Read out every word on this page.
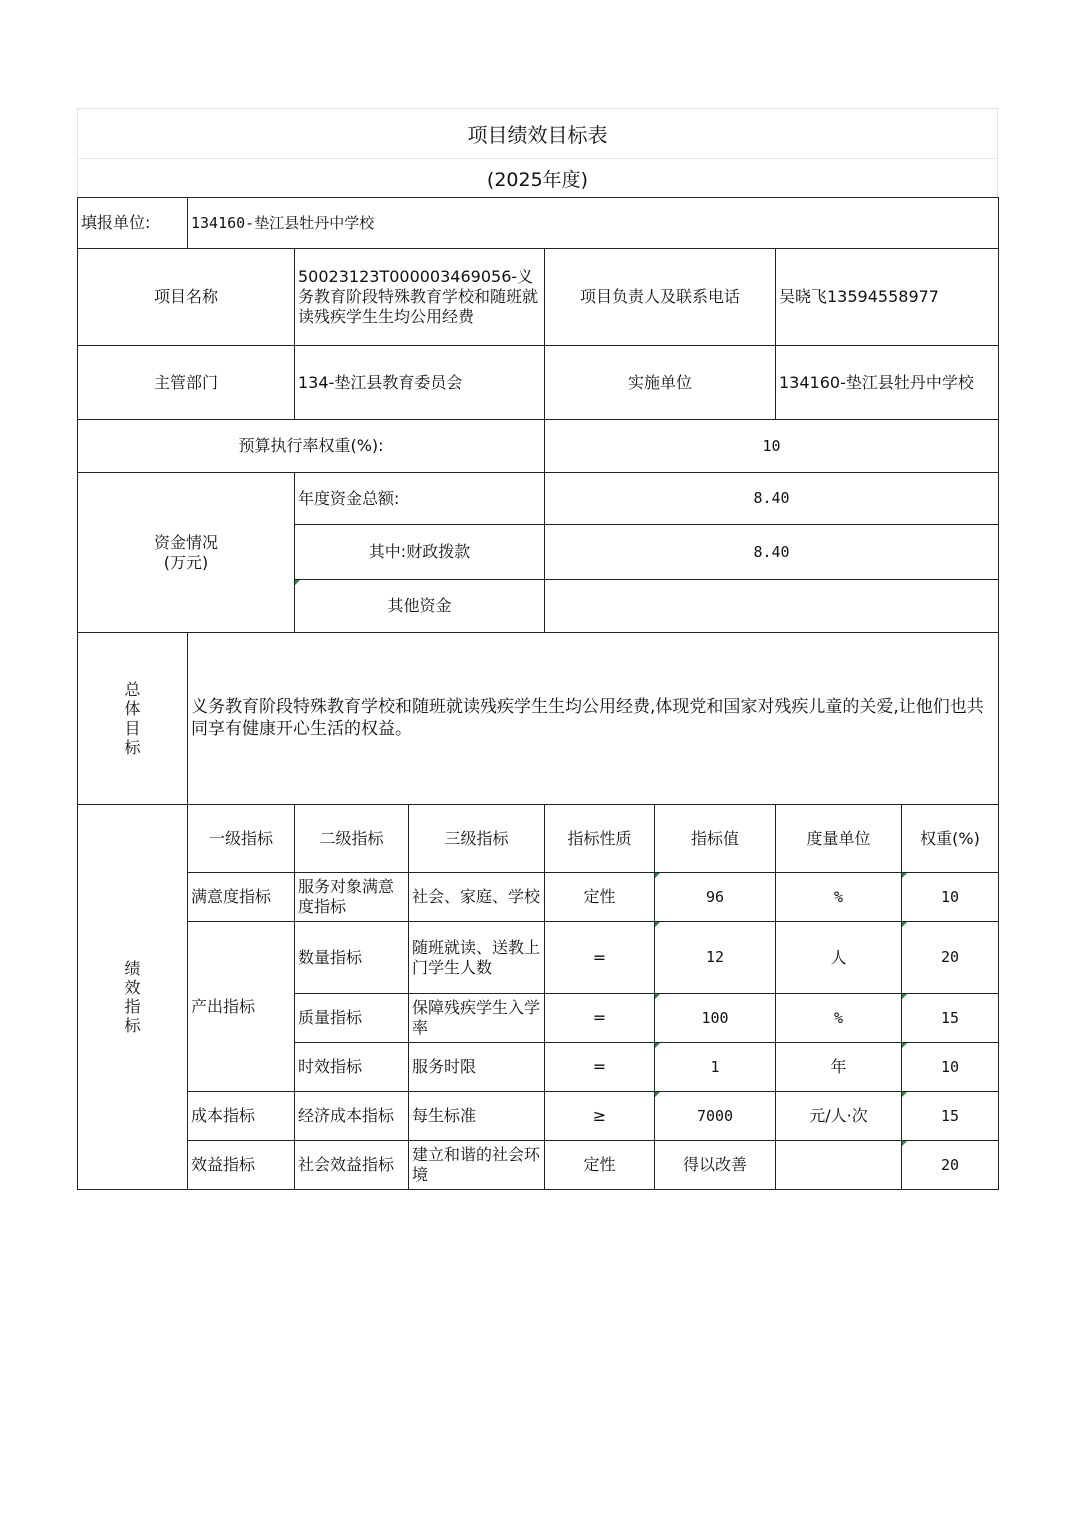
项目绩效目标表
(2025年度)
填报单位:	134160-垫江县牡丹中学校						
项目名称		50023123T000003469056-义务教育阶段特殊教育学校和随班就读残疾学生生均公用经费		项目负责人及联系电话		吴晓飞13594558977	
主管部门		134-垫江县教育委员会		实施单位		134160-垫江县牡丹中学校	
预算执行率权重(%):				10			
资金情况
(万元)		年度资金总额:		8.40			
		其中:财政拨款		8.40			
		其他资金					

总
体
目
标	义务教育阶段特殊教育学校和随班就读残疾学生生均公用经费,体现党和国家对残疾儿童的关爱,让他们也共同享有健康开心生活的权益。						

绩
效
指
标	一级指标	二级指标	三级指标	指标性质	指标值	度量单位	权重(%)
	满意度指标	服务对象满意度指标	社会、家庭、学校	定性	96	%	10
	产出指标	数量指标	随班就读、送教上门学生人数	=	12	人	20
		质量指标	保障残疾学生入学率	=	100	%	15
		时效指标	服务时限	=	1	年	10
	成本指标	经济成本指标	每生标准	≥	7000	元/人·次	15
	效益指标	社会效益指标	建立和谐的社会环境	定性	得以改善		20
